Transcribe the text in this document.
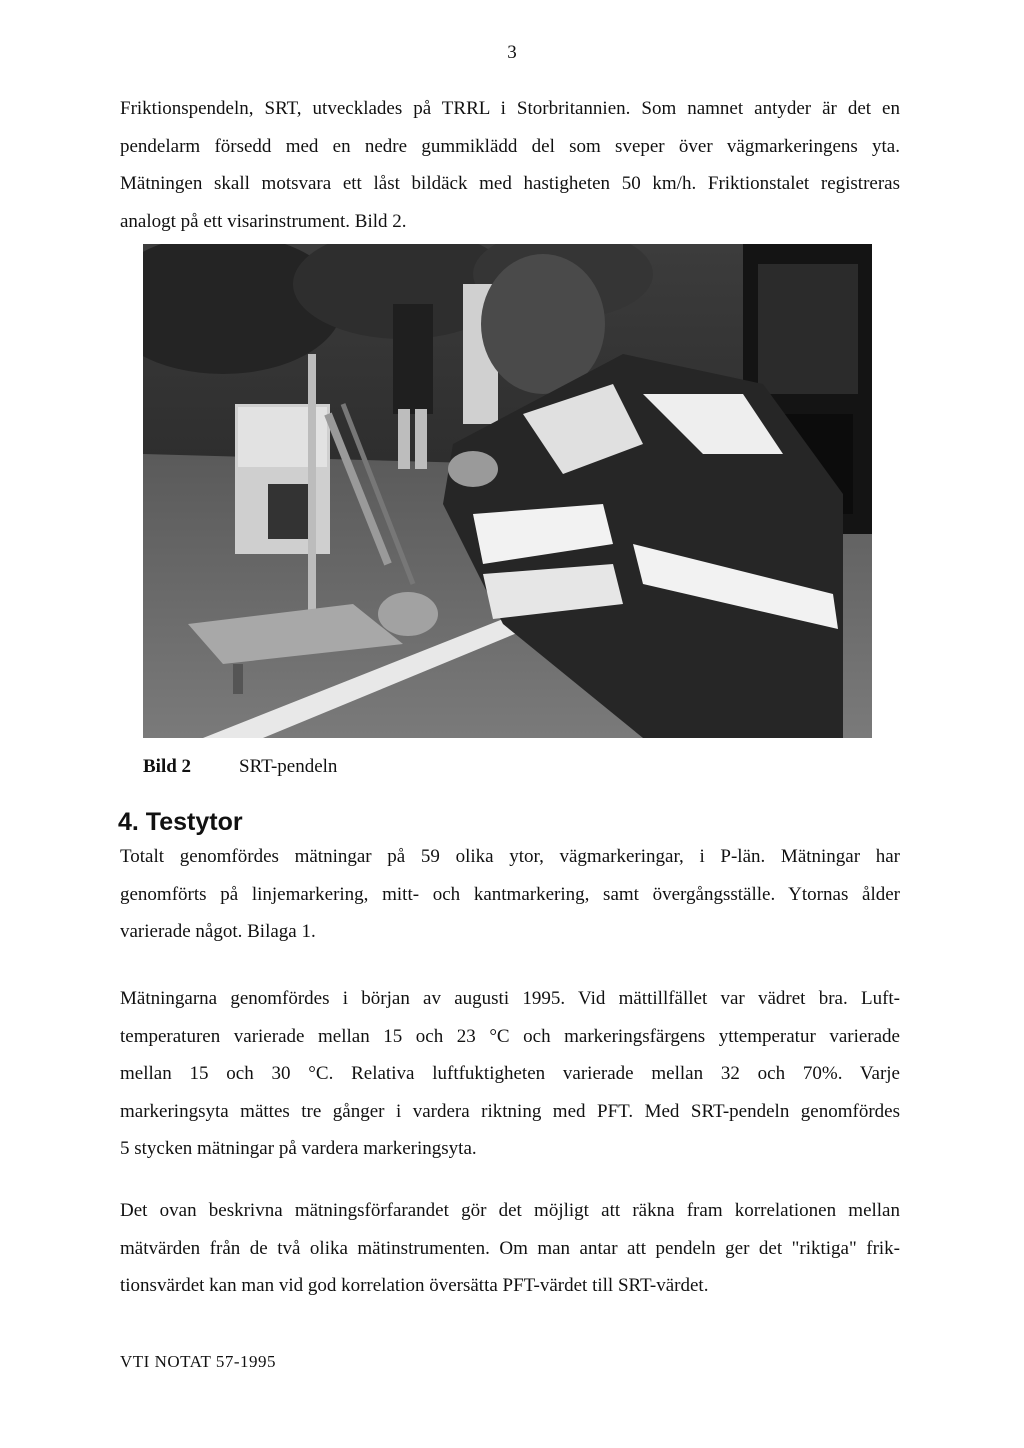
3

Friktionspendeln, SRT, utvecklades på TRRL i Storbritannien. Som namnet antyder är det en
pendelarm försedd med en nedre gummiklädd del som sveper över vägmarkeringens yta.
Mätningen skall motsvara ett låst bildäck med hastigheten 50 km/h. Friktionstalet registreras
analogt på ett visarinstrument. Bild 2.

Bild 2	SRT-pendeln
4. Testytor

Totalt genomfördes mätningar på 59 olika ytor, vägmarkeringar, i P-län. Mätningar har
genomförts på linjemarkering, mitt- och kantmarkering, samt övergångsställe. Ytornas ålder
varierade något. Bilaga 1.

Mätningarna genomfördes i början av augusti 1995. Vid mättillfället var vädret bra. Luft-
temperaturen varierade mellan 15 och 23 °C och markeringsfärgens yttemperatur varierade
mellan 15 och 30 °C. Relativa luftfuktigheten varierade mellan 32 och 70%. Varje
markeringsyta mättes tre gånger i vardera riktning med PFT. Med SRT-pendeln genomfördes
5 stycken mätningar på vardera markeringsyta.

Det ovan beskrivna mätningsförfarandet gör det möjligt att räkna fram korrelationen mellan
mätvärden från de två olika mätinstrumenten. Om man antar att pendeln ger det "riktiga" frik-
tionsvärdet kan man vid god korrelation översätta PFT-värdet till SRT-värdet.

VTI NOTAT 57-1995
